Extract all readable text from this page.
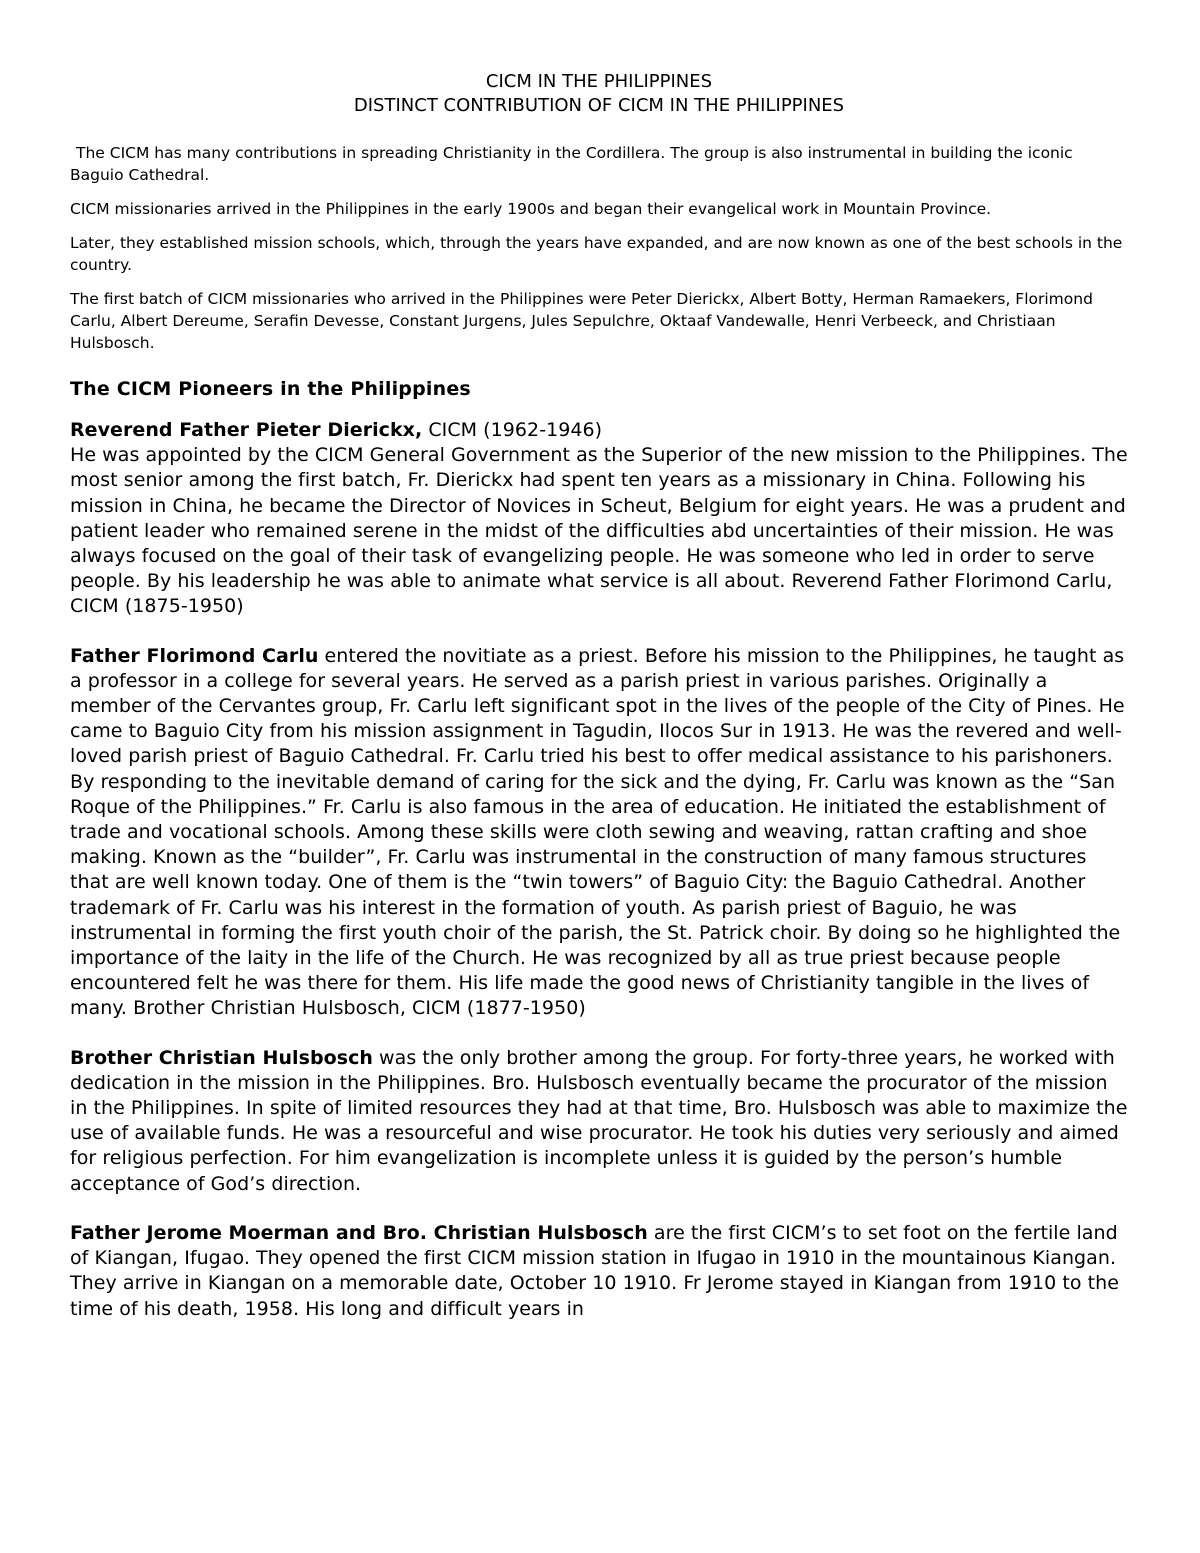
CICM IN THE PHILIPPINES
DISTINCT CONTRIBUTION OF CICM IN THE PHILIPPINES

The CICM has many contributions in spreading Christianity in the Cordillera. The group is also instrumental in building the iconic Baguio Cathedral.

CICM missionaries arrived in the Philippines in the early 1900s and began their evangelical work in Mountain Province.

Later, they established mission schools, which, through the years have expanded, and are now known as one of the best schools in the country.

The first batch of CICM missionaries who arrived in the Philippines were Peter Dierickx, Albert Botty, Herman Ramaekers, Florimond Carlu, Albert Dereume, Serafin Devesse, Constant Jurgens, Jules Sepulchre, Oktaaf Vandewalle, Henri Verbeeck, and Christiaan Hulsbosch.

The CICM Pioneers in the Philippines

Reverend Father Pieter Dierickx, CICM (1962-1946)
He was appointed by the CICM General Government as the Superior of the new mission to the Philippines. The most senior among the first batch, Fr. Dierickx had spent ten years as a missionary in China. Following his mission in China, he became the Director of Novices in Scheut, Belgium for eight years. He was a prudent and patient leader who remained serene in the midst of the difficulties abd uncertainties of their mission. He was always focused on the goal of their task of evangelizing people. He was someone who led in order to serve people. By his leadership he was able to animate what service is all about. Reverend Father Florimond Carlu, CICM (1875-1950)

Father Florimond Carlu entered the novitiate as a priest. Before his mission to the Philippines, he taught as a professor in a college for several years. He served as a parish priest in various parishes. Originally a member of the Cervantes group, Fr. Carlu left significant spot in the lives of the people of the City of Pines. He came to Baguio City from his mission assignment in Tagudin, Ilocos Sur in 1913. He was the revered and well-loved parish priest of Baguio Cathedral. Fr. Carlu tried his best to offer medical assistance to his parishoners. By responding to the inevitable demand of caring for the sick and the dying, Fr. Carlu was known as the “San Roque of the Philippines.” Fr. Carlu is also famous in the area of education. He initiated the establishment of trade and vocational schools. Among these skills were cloth sewing and weaving, rattan crafting and shoe making. Known as the “builder”, Fr. Carlu was instrumental in the construction of many famous structures that are well known today. One of them is the “twin towers” of Baguio City: the Baguio Cathedral. Another trademark of Fr. Carlu was his interest in the formation of youth. As parish priest of Baguio, he was instrumental in forming the first youth choir of the parish, the St. Patrick choir. By doing so he highlighted the importance of the laity in the life of the Church. He was recognized by all as true priest because people encountered felt he was there for them. His life made the good news of Christianity tangible in the lives of many. Brother Christian Hulsbosch, CICM (1877-1950)

Brother Christian Hulsbosch was the only brother among the group. For forty-three years, he worked with dedication in the mission in the Philippines. Bro. Hulsbosch eventually became the procurator of the mission in the Philippines. In spite of limited resources they had at that time, Bro. Hulsbosch was able to maximize the use of available funds. He was a resourceful and wise procurator. He took his duties very seriously and aimed for religious perfection. For him evangelization is incomplete unless it is guided by the person’s humble acceptance of God’s direction.

Father Jerome Moerman and Bro. Christian Hulsbosch are the first CICM’s to set foot on the fertile land of Kiangan, Ifugao. They opened the first CICM mission station in Ifugao in 1910 in the mountainous Kiangan. They arrive in Kiangan on a memorable date, October 10 1910. Fr Jerome stayed in Kiangan from 1910 to the time of his death, 1958. His long and difficult years in
